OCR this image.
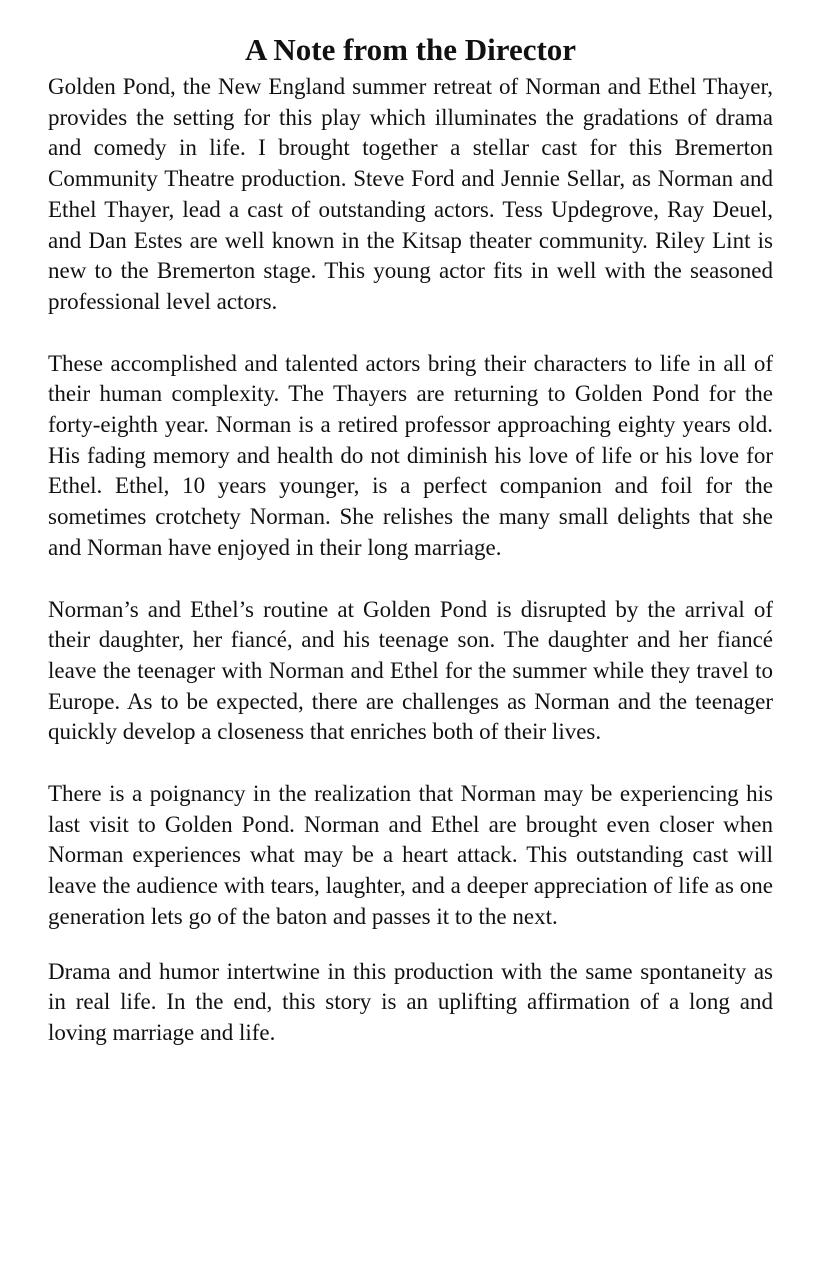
A Note from the Director

Golden Pond, the New England summer retreat of Norman and Ethel Thayer, provides the setting for this play which illuminates the gradations of drama and comedy in life. I brought together a stellar cast for this Bremerton Community Theatre production. Steve Ford and Jennie Sellar, as Norman and Ethel Thayer, lead a cast of outstanding actors. Tess Updegrove, Ray Deuel, and Dan Estes are well known in the Kitsap theater community. Riley Lint is new to the Bremerton stage. This young actor fits in well with the seasoned professional level actors.

These accomplished and talented actors bring their characters to life in all of their human complexity. The Thayers are returning to Golden Pond for the forty-eighth year. Norman is a retired professor approaching eighty years old. His fading memory and health do not diminish his love of life or his love for Ethel. Ethel, 10 years younger, is a perfect companion and foil for the sometimes crotchety Norman. She relishes the many small delights that she and Norman have enjoyed in their long marriage.

Norman’s and Ethel’s routine at Golden Pond is disrupted by the arrival of their daughter, her fiancé, and his teenage son. The daughter and her fiancé leave the teenager with Norman and Ethel for the summer while they travel to Europe. As to be expected, there are challenges as Norman and the teenager quickly develop a closeness that enriches both of their lives.

There is a poignancy in the realization that Norman may be experiencing his last visit to Golden Pond. Norman and Ethel are brought even closer when Norman experiences what may be a heart attack. This outstanding cast will leave the audience with tears, laughter, and a deeper appreciation of life as one generation lets go of the baton and passes it to the next.

Drama and humor intertwine in this production with the same spontaneity as in real life. In the end, this story is an uplifting affirmation of a long and loving marriage and life.
